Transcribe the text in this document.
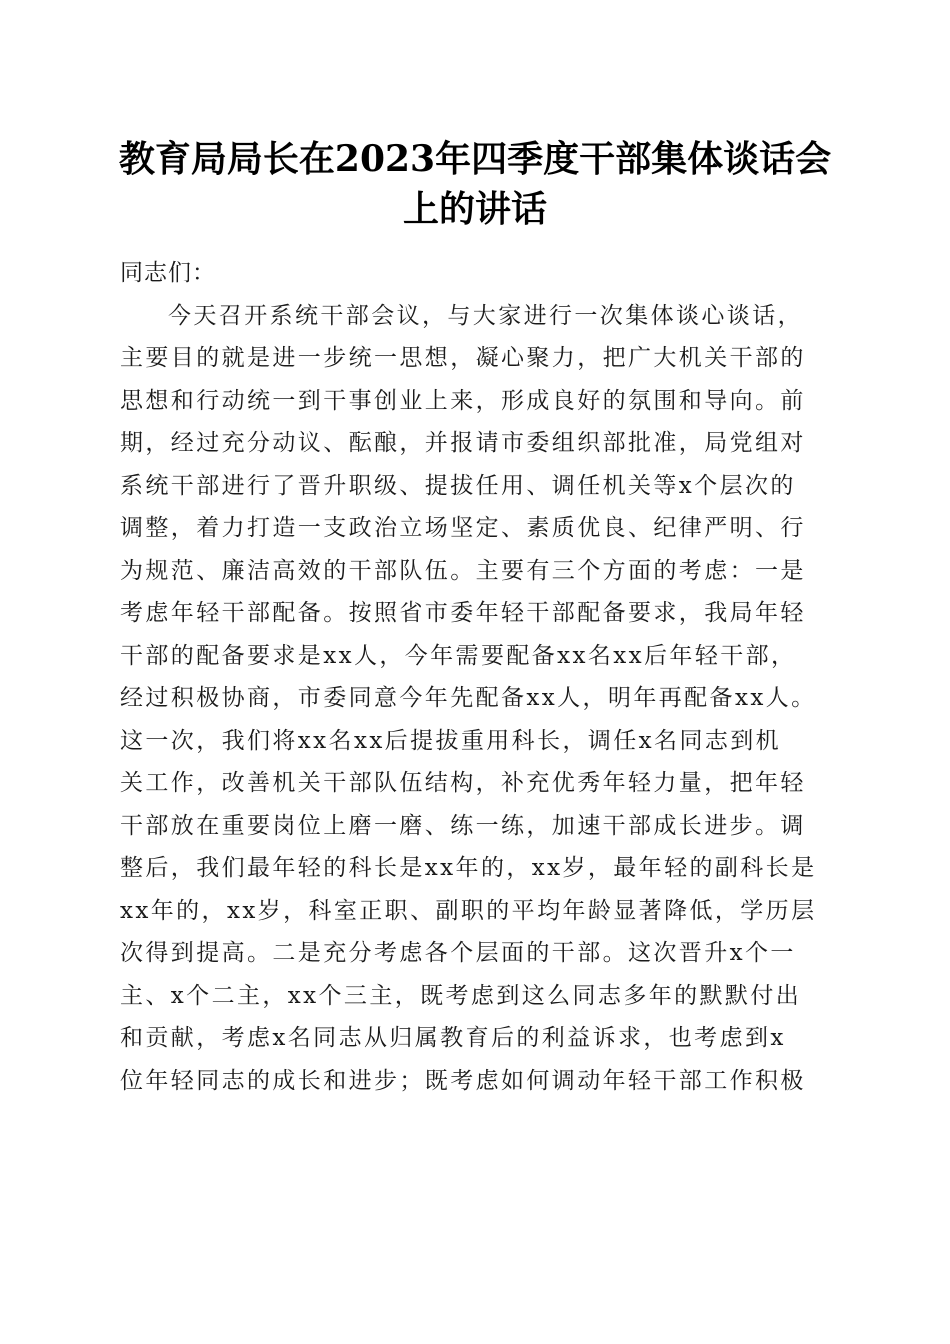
教育局局长在2023年四季度干部集体谈话会
上的讲话
同志们：
今天召开系统干部会议，与大家进行一次集体谈心谈话，
主要目的就是进一步统一思想，凝心聚力，把广大机关干部的
思想和行动统一到干事创业上来，形成良好的氛围和导向。前
期，经过充分动议、酝酿，并报请市委组织部批准，局党组对
系统干部进行了晋升职级、提拔任用、调任机关等x个层次的
调整，着力打造一支政治立场坚定、素质优良、纪律严明、行
为规范、廉洁高效的干部队伍。主要有三个方面的考虑：一是
考虑年轻干部配备。按照省市委年轻干部配备要求，我局年轻
干部的配备要求是xx人，今年需要配备xx名xx后年轻干部，
经过积极协商，市委同意今年先配备xx人，明年再配备xx人。
这一次，我们将xx名xx后提拔重用科长，调任x名同志到机
关工作，改善机关干部队伍结构，补充优秀年轻力量，把年轻
干部放在重要岗位上磨一磨、练一练，加速干部成长进步。调
整后，我们最年轻的科长是xx年的，xx岁，最年轻的副科长是
xx年的，xx岁，科室正职、副职的平均年龄显著降低，学历层
次得到提高。二是充分考虑各个层面的干部。这次晋升x个一
主、x个二主，xx个三主，既考虑到这么同志多年的默默付出
和贡献，考虑x名同志从归属教育后的利益诉求，也考虑到x
位年轻同志的成长和进步；既考虑如何调动年轻干部工作积极
